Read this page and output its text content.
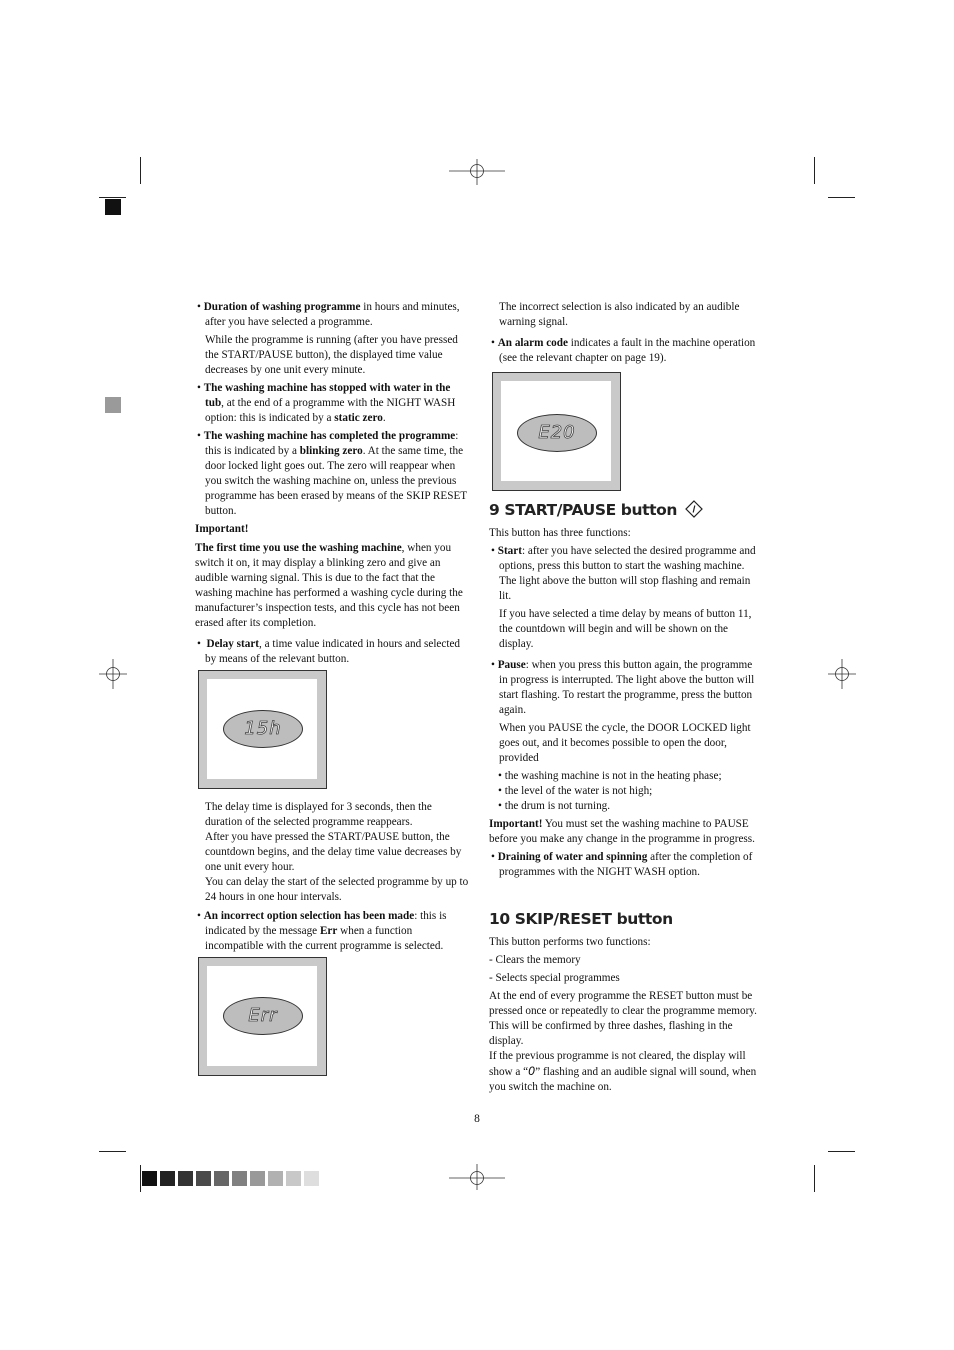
• Duration of washing programme in hours and minutes, after you have selected a programme.

While the programme is running (after you have pressed the START/PAUSE button), the displayed time value decreases by one unit every minute.

• The washing machine has stopped with water in the tub, at the end of a programme with the NIGHT WASH option: this is indicated by a static zero.

• The washing machine has completed the programme: this is indicated by a blinking zero. At the same time, the door locked light goes out. The zero will reappear when you switch the washing machine on, unless the previous programme has been erased by means of the SKIP RESET button.

Important!

The first time you use the washing machine, when you switch it on, it may display a blinking zero and give an audible warning signal. This is due to the fact that the washing machine has performed a washing cycle during the manufacturer’s inspection tests, and this cycle has not been erased after its completion.

•  Delay start, a time value indicated in hours and selected by means of the relevant button.

15h

The delay time is displayed for 3 seconds, then the duration of the selected programme reappears.

After you have pressed the START/PAUSE button, the countdown begins, and the delay time value decreases by one unit every hour.

You can delay the start of the selected programme by up to 24 hours in one hour intervals.

• An incorrect option selection has been made: this is indicated by the message Err when a function incompatible with the current programme is selected.

Err

The incorrect selection is also indicated by an audible warning signal.

• An alarm code indicates a fault in the machine operation (see the relevant chapter on page 19).

E20
9 START/PAUSE button

This button has three functions:

• Start: after you have selected the desired programme and options, press this button to start the washing machine. The light above the button will stop flashing and remain lit.

If you have selected a time delay by means of button 11, the countdown will begin and will be shown on the display.

• Pause: when you press this button again, the programme in progress is interrupted. The light above the button will start flashing. To restart the programme, press the button again.

When you PAUSE the cycle, the DOOR LOCKED light goes out, and it becomes possible to open the door, provided

• the washing machine is not in the heating phase;

• the level of the water is not high;

• the drum is not turning.

Important! You must set the washing machine to PAUSE before you make any change in the programme in progress.

• Draining of water and spinning after the completion of programmes with the NIGHT WASH option.

10 SKIP/RESET button

This button performs two functions:

- Clears the memory

- Selects special programmes

At the end of every programme the RESET button must be pressed once or repeatedly to clear the programme memory. This will be confirmed by three dashes, flashing in the display.

If the previous programme is not cleared, the display will show a “0” flashing and an audible signal will sound, when you switch the machine on.

8
